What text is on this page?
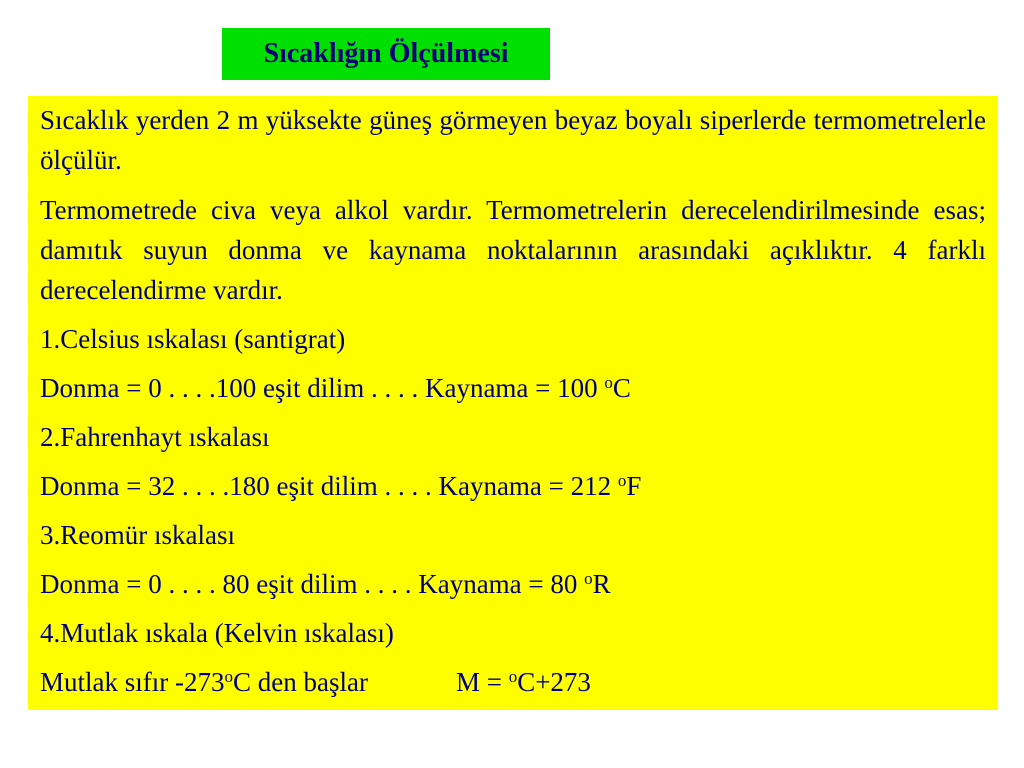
Sıcaklığın Ölçülmesi

Sıcaklık yerden 2 m yüksekte güneş görmeyen beyaz boyalı siperlerde termometrelerle ölçülür.

Termometrede civa veya alkol vardır. Termometrelerin derecelendirilmesinde esas; damıtık suyun donma ve kaynama noktalarının arasındaki açıklıktır. 4 farklı derecelendirme vardır.

1.Celsius ıskalası (santigrat)

Donma = 0 . . . .100 eşit dilim . . . . Kaynama = 100 $^o$C

2.Fahrenhayt ıskalası

Donma = 32 . . . .180 eşit dilim . . . . Kaynama = 212 $^o$F

3.Reomür ıskalası

Donma = 0 . . . . 80 eşit dilim . . . . Kaynama = 80 $^o$R

4.Mutlak ıskala (Kelvin ıskalası)

Mutlak sıfır -273$^o$C den başlar	M = $^o$C+273
